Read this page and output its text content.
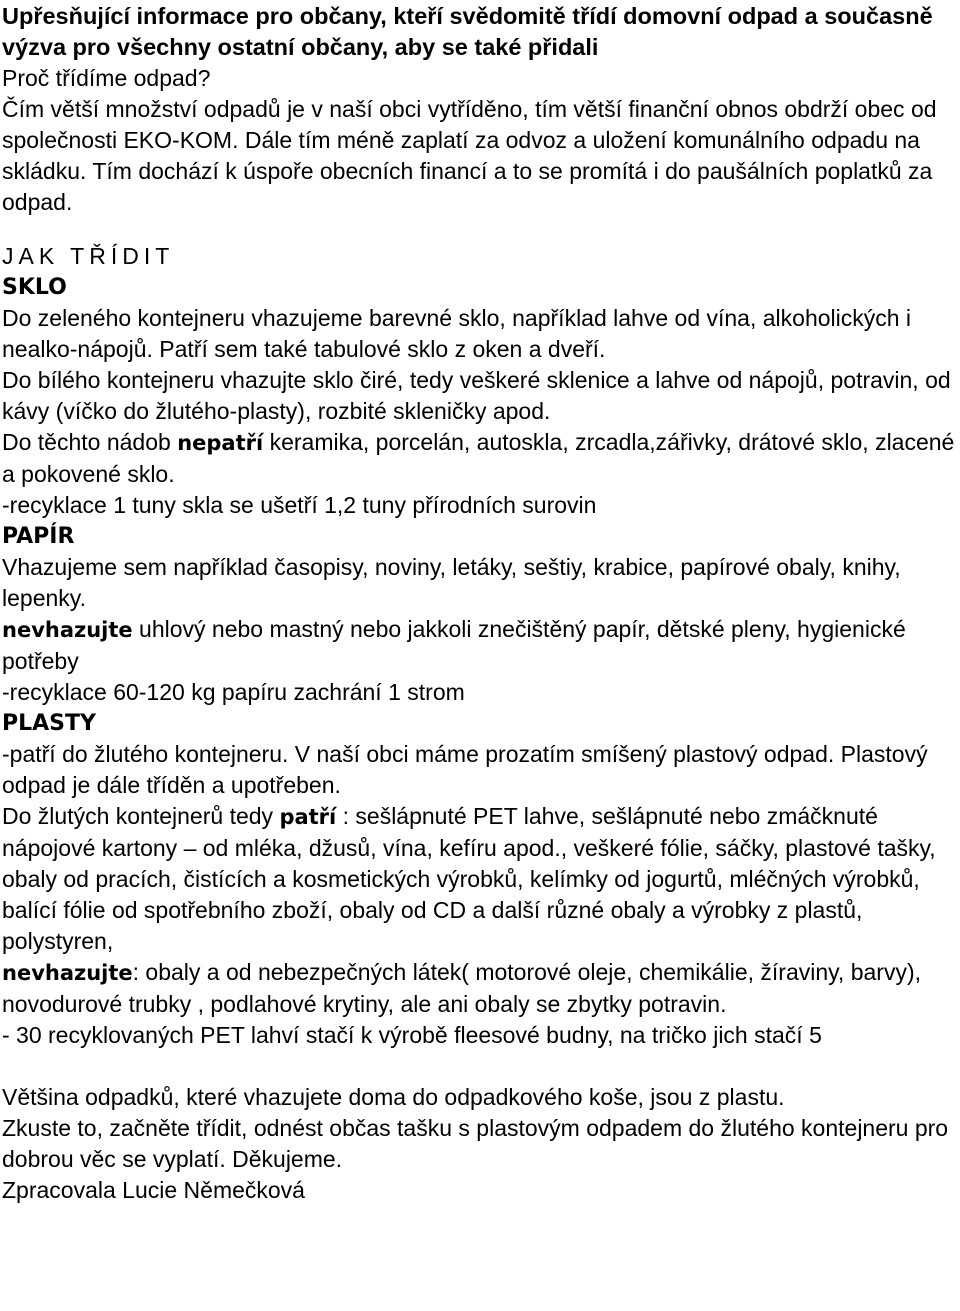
Upřesňující informace pro občany, kteří svědomitě třídí domovní odpad a současně výzva pro všechny ostatní občany, aby se také přidali

Proč třídíme odpad?

Čím větší množství odpadů je v naší obci vytříděno, tím větší finanční obnos obdrží obec od společnosti EKO-KOM. Dále tím méně zaplatí za odvoz a uložení komunálního odpadu na skládku. Tím dochází k úspoře obecních financí a to se promítá i do paušálních poplatků za odpad.

JAK TŘÍDIT

SKLO

Do zeleného kontejneru vhazujeme barevné sklo, například lahve od vína, alkoholických i nealko-nápojů. Patří sem také tabulové sklo z oken a dveří.

Do bílého kontejneru vhazujte sklo čiré, tedy veškeré sklenice a lahve od nápojů, potravin, od kávy (víčko do žlutého-plasty), rozbité skleničky apod.

Do těchto nádob nepatří keramika, porcelán, autoskla, zrcadla,zářivky, drátové sklo, zlacené a pokovené sklo.

-recyklace 1 tuny skla se ušetří 1,2 tuny přírodních surovin

PAPÍR

Vhazujeme sem například časopisy, noviny, letáky, seštiy, krabice, papírové obaly, knihy, lepenky.

nevhazujte uhlový nebo mastný nebo jakkoli znečištěný papír, dětské pleny, hygienické potřeby

-recyklace 60-120 kg papíru zachrání 1 strom

PLASTY

-patří do žlutého kontejneru. V naší obci máme prozatím smíšený plastový odpad. Plastový odpad je dále tříděn a upotřeben.

Do žlutých kontejnerů tedy patří : sešlápnuté PET lahve, sešlápnuté nebo zmáčknuté nápojové kartony – od mléka, džusů, vína, kefíru apod., veškeré fólie, sáčky, plastové tašky, obaly od pracích, čistících a kosmetických výrobků, kelímky od jogurtů, mléčných výrobků, balící fólie od spotřebního zboží, obaly od CD a další různé obaly a výrobky z plastů, polystyren,

nevhazujte: obaly a od nebezpečných látek( motorové oleje, chemikálie, žíraviny, barvy), novodurové trubky , podlahové krytiny, ale ani obaly se zbytky potravin.

- 30 recyklovaných PET lahví stačí k výrobě fleesové budny, na tričko jich stačí 5

Většina odpadků, které vhazujete doma do odpadkového koše, jsou z plastu.

Zkuste to, začněte třídit, odnést občas tašku s plastovým odpadem do žlutého kontejneru pro dobrou věc se vyplatí. Děkujeme.

Zpracovala Lucie Němečková
